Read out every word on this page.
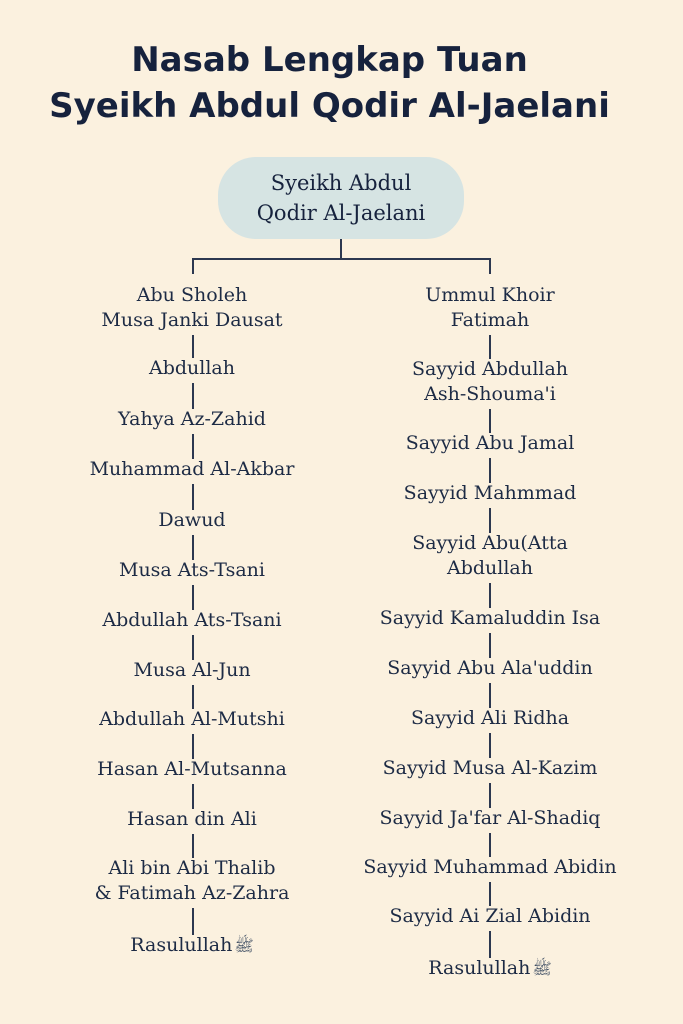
Nasab Lengkap Tuan
Syeikh Abdul Qodir Al-Jaelani
Syeikh Abdul
Qodir Al-Jaelani
Abu Sholeh
Musa Janki Dausat
Abdullah
Yahya Az-Zahid
Muhammad Al-Akbar
Dawud
Musa Ats-Tsani
Abdullah Ats-Tsani
Musa Al-Jun
Abdullah Al-Mutshi
Hasan Al-Mutsanna
Hasan din Ali
Ali bin Abi Thalib
& Fatimah Az-Zahra
Rasulullah ﷺ
Ummul Khoir
Fatimah
Sayyid Abdullah
Ash-Shouma'i
Sayyid Abu Jamal
Sayyid Mahmmad
Sayyid Abu(Atta
Abdullah
Sayyid Kamaluddin Isa
Sayyid Abu Ala'uddin
Sayyid Ali Ridha
Sayyid Musa Al-Kazim
Sayyid Ja'far Al-Shadiq
Sayyid Muhammad Abidin
Sayyid Ai Zial Abidin
Rasulullah ﷺ
